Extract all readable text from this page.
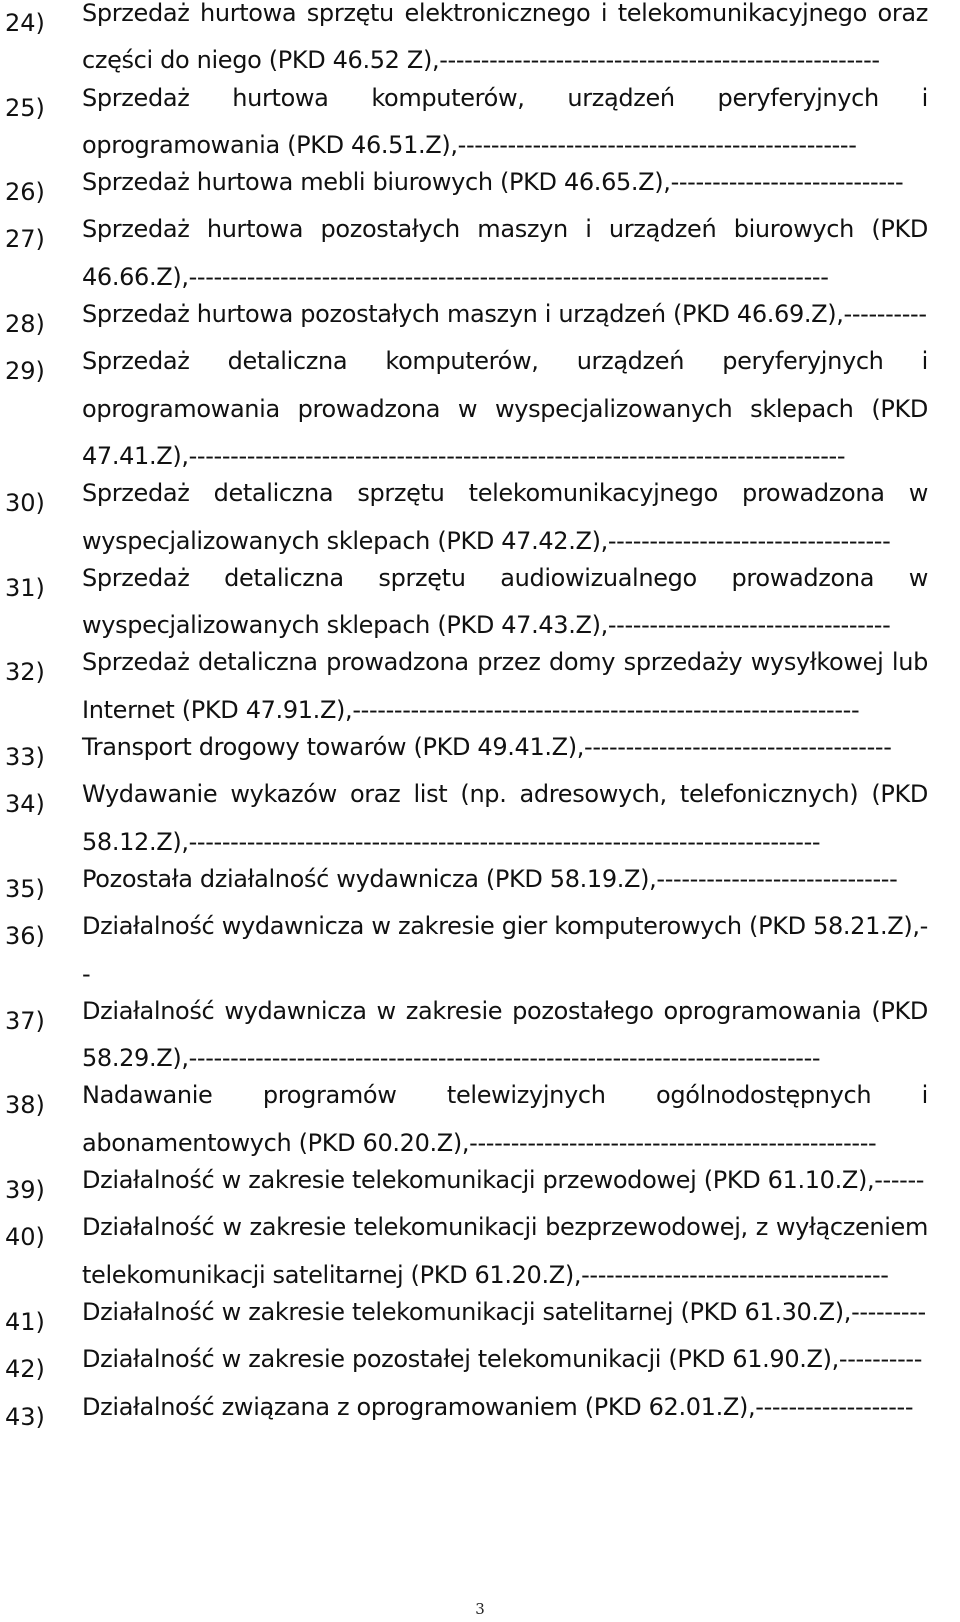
24)	Sprzedaż hurtowa sprzętu elektronicznego i telekomunikacyjnego oraz części do niego (PKD 46.52 Z),-----------------------------------------------------
25)	Sprzedaż hurtowa komputerów, urządzeń peryferyjnych i oprogramowania (PKD 46.51.Z),------------------------------------------------
26)	Sprzedaż hurtowa mebli biurowych (PKD 46.65.Z),----------------------------
27)	Sprzedaż hurtowa pozostałych maszyn i urządzeń biurowych (PKD 46.66.Z),-----------------------------------------------------------------------------
28)	Sprzedaż hurtowa pozostałych maszyn i urządzeń (PKD 46.69.Z),----------
29)	Sprzedaż detaliczna komputerów, urządzeń peryferyjnych i oprogramowania prowadzona w wyspecjalizowanych sklepach (PKD 47.41.Z),-------------------------------------------------------------------------------
30)	Sprzedaż detaliczna sprzętu telekomunikacyjnego prowadzona w wyspecjalizowanych sklepach (PKD 47.42.Z),----------------------------------
31)	Sprzedaż detaliczna sprzętu audiowizualnego prowadzona w wyspecjalizowanych sklepach (PKD 47.43.Z),----------------------------------
32)	Sprzedaż detaliczna prowadzona przez domy sprzedaży wysyłkowej lub Internet (PKD 47.91.Z),-------------------------------------------------------------
33)	Transport drogowy towarów (PKD 49.41.Z),-------------------------------------
34)	Wydawanie wykazów oraz list (np. adresowych, telefonicznych) (PKD 58.12.Z),----------------------------------------------------------------------------
35)	Pozostała działalność wydawnicza (PKD 58.19.Z),-----------------------------
36)	Działalność wydawnicza w zakresie gier komputerowych (PKD 58.21.Z),--
37)	Działalność wydawnicza w zakresie pozostałego oprogramowania (PKD 58.29.Z),----------------------------------------------------------------------------
38)	Nadawanie programów telewizyjnych ogólnodostępnych i abonamentowych (PKD 60.20.Z),-------------------------------------------------
39)	Działalność w zakresie telekomunikacji przewodowej (PKD 61.10.Z),------
40)	Działalność w zakresie telekomunikacji bezprzewodowej, z wyłączeniem telekomunikacji satelitarnej (PKD 61.20.Z),-------------------------------------
41)	Działalność w zakresie telekomunikacji satelitarnej (PKD 61.30.Z),---------
42)	Działalność w zakresie pozostałej telekomunikacji (PKD 61.90.Z),----------
43)	Działalność związana z oprogramowaniem (PKD 62.01.Z),-------------------
3
